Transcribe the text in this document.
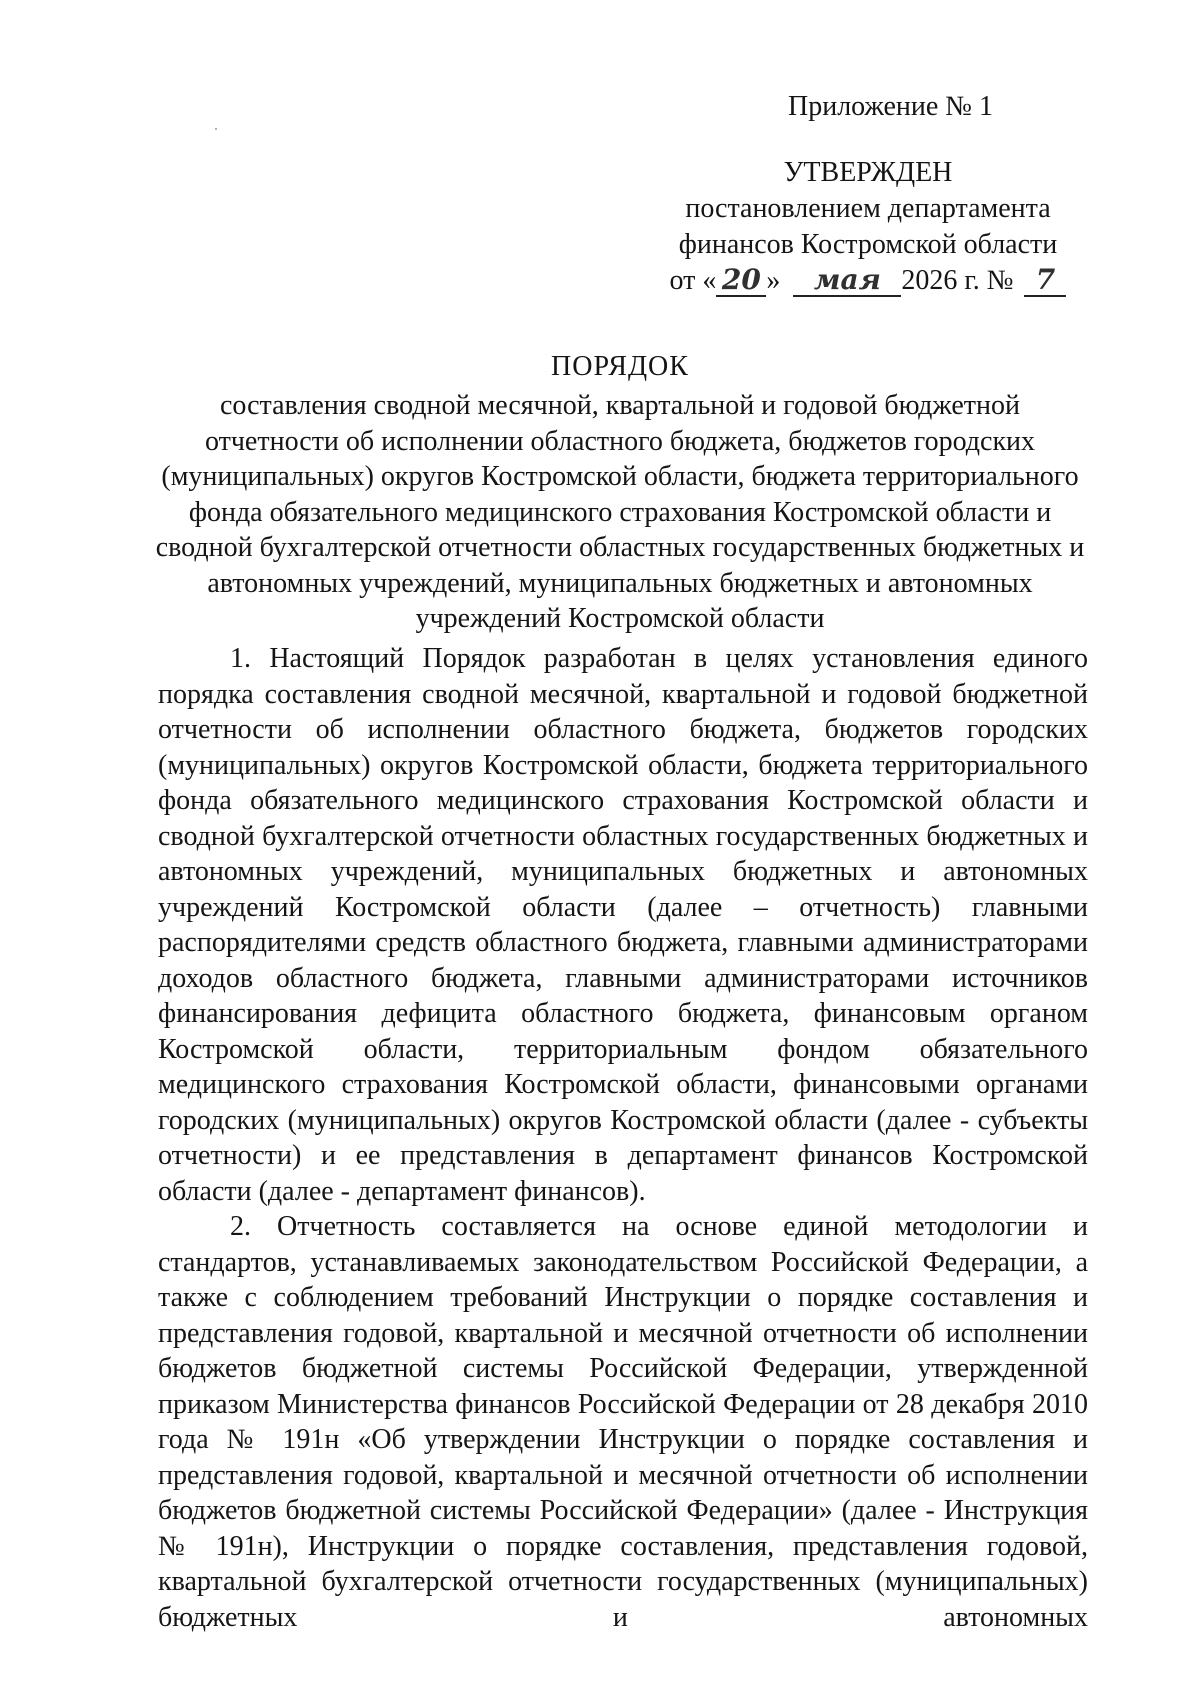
Приложение № 1
УТВЕРЖДЕН
постановлением департамента
финансов Костромской области
от « 20 » мая 2026 г. № 7
ПОРЯДОК
составления сводной месячной, квартальной и годовой бюджетной отчетности об исполнении областного бюджета, бюджетов городских (муниципальных) округов Костромской области, бюджета территориального фонда обязательного медицинского страхования Костромской области и сводной бухгалтерской отчетности областных государственных бюджетных и автономных учреждений, муниципальных бюджетных и автономных учреждений Костромской области

1. Настоящий Порядок разработан в целях установления единого порядка составления сводной месячной, квартальной и годовой бюджетной отчетности об исполнении областного бюджета, бюджетов городских (муниципальных) округов Костромской области, бюджета территориального фонда обязательного медицинского страхования Костромской области и сводной бухгалтерской отчетности областных государственных бюджетных и автономных учреждений, муниципальных бюджетных и автономных учреждений Костромской области (далее – отчетность) главными распорядителями средств областного бюджета, главными администраторами доходов областного бюджета, главными администраторами источников финансирования дефицита областного бюджета, финансовым органом Костромской области, территориальным фондом обязательного медицинского страхования Костромской области, финансовыми органами городских (муниципальных) округов Костромской области (далее - субъекты отчетности) и ее представления в департамент финансов Костромской области (далее - департамент финансов).

2. Отчетность составляется на основе единой методологии и стандартов, устанавливаемых законодательством Российской Федерации, а также с соблюдением требований Инструкции о порядке составления и представления годовой, квартальной и месячной отчетности об исполнении бюджетов бюджетной системы Российской Федерации, утвержденной приказом Министерства финансов Российской Федерации от 28 декабря 2010 года № 191н «Об утверждении Инструкции о порядке составления и представления годовой, квартальной и месячной отчетности об исполнении бюджетов бюджетной системы Российской Федерации» (далее - Инструкция № 191н), Инструкции о порядке составления, представления годовой, квартальной бухгалтерской отчетности государственных (муниципальных) бюджетных и автономных
